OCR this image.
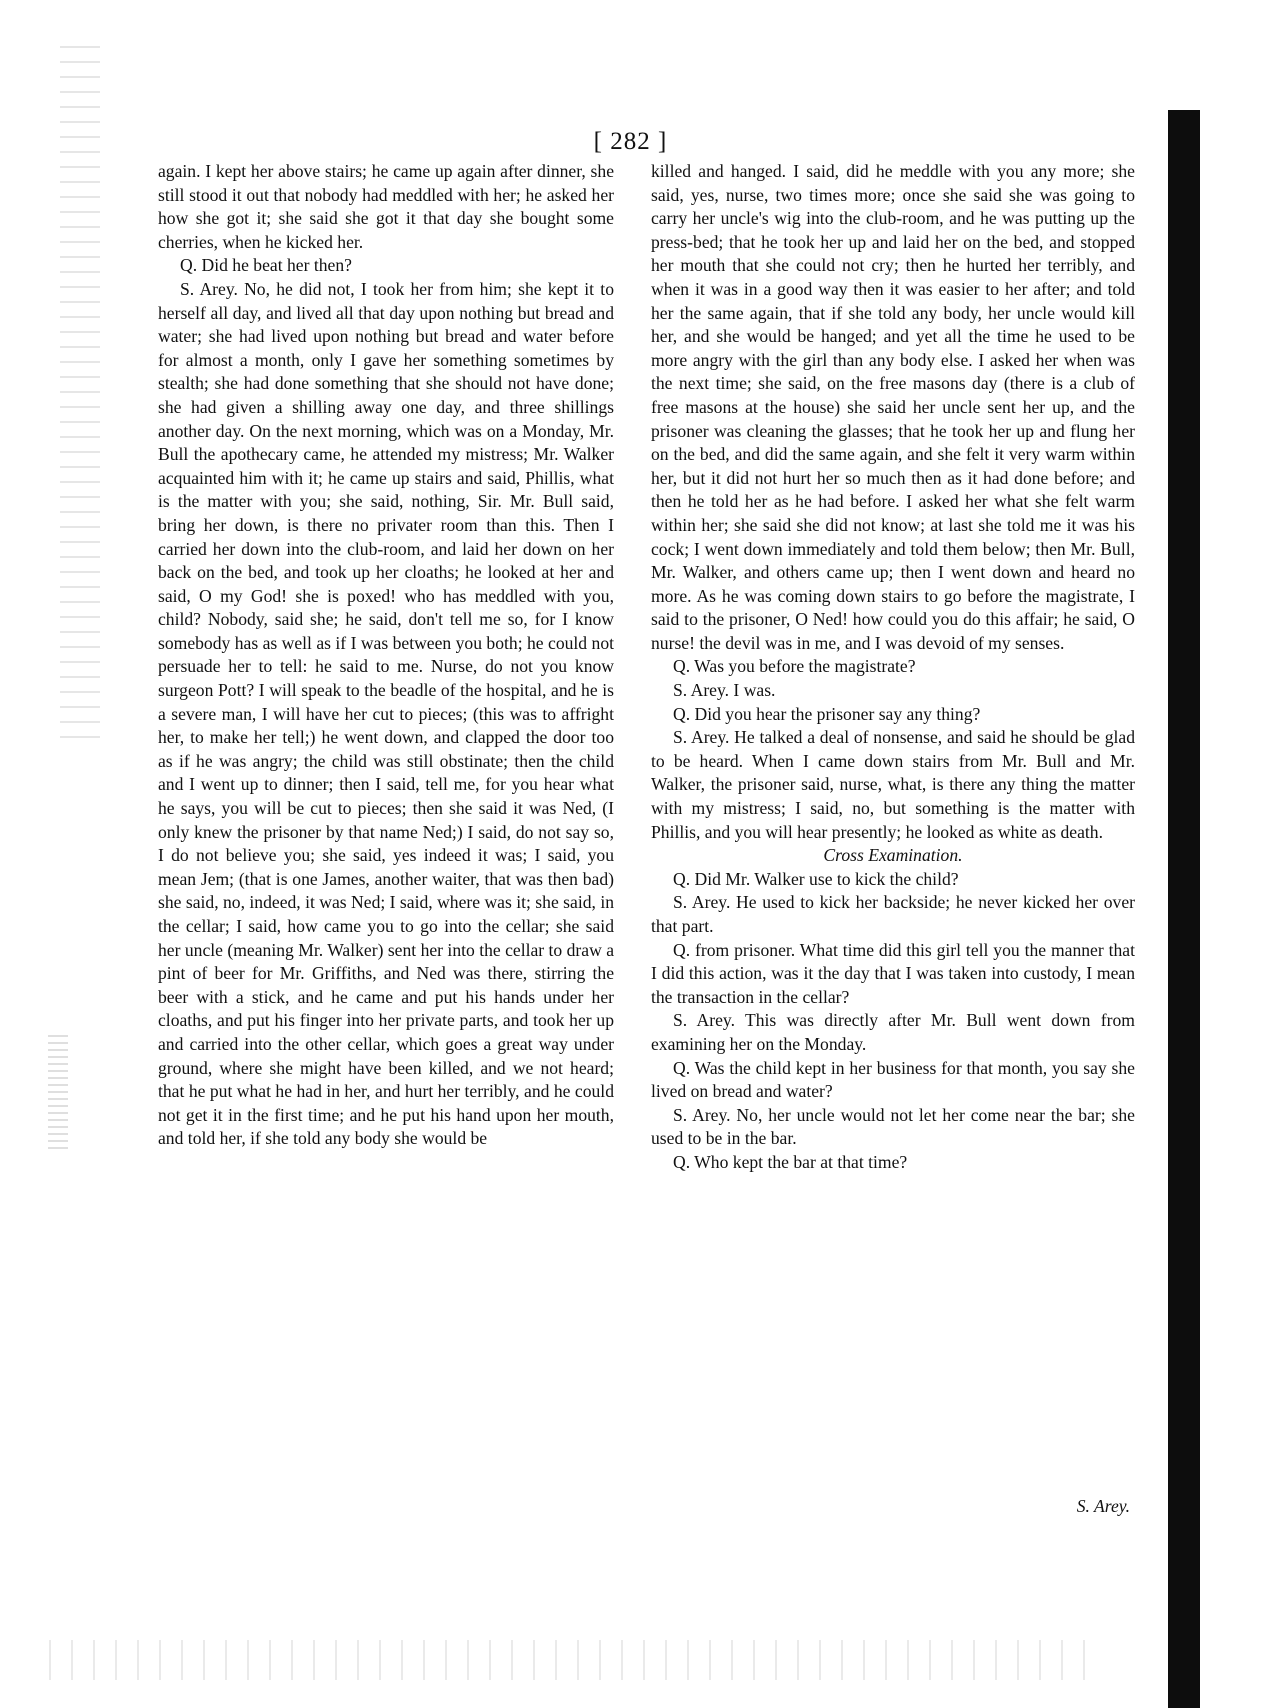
[ 282 ]

again. I kept her above stairs; he came up again after dinner, she still stood it out that nobody had meddled with her; he asked her how she got it; she said she got it that day she bought some cherries, when he kicked her.

Q. Did he beat her then?

S. Arey. No, he did not, I took her from him; she kept it to herself all day, and lived all that day upon nothing but bread and water; she had lived upon nothing but bread and water before for almost a month, only I gave her something sometimes by stealth; she had done something that she should not have done; she had given a shilling away one day, and three shillings another day. On the next morning, which was on a Monday, Mr. Bull the apothecary came, he attended my mistress; Mr. Walker acquainted him with it; he came up stairs and said, Phillis, what is the matter with you; she said, nothing, Sir. Mr. Bull said, bring her down, is there no privater room than this. Then I carried her down into the club-room, and laid her down on her back on the bed, and took up her cloaths; he looked at her and said, O my God! she is poxed! who has meddled with you, child? Nobody, said she; he said, don't tell me so, for I know somebody has as well as if I was between you both; he could not persuade her to tell: he said to me. Nurse, do not you know surgeon Pott? I will speak to the beadle of the hospital, and he is a severe man, I will have her cut to pieces; (this was to affright her, to make her tell;) he went down, and clapped the door too as if he was angry; the child was still obstinate; then the child and I went up to dinner; then I said, tell me, for you hear what he says, you will be cut to pieces; then she said it was Ned, (I only knew the prisoner by that name Ned;) I said, do not say so, I do not believe you; she said, yes indeed it was; I said, you mean Jem; (that is one James, another waiter, that was then bad) she said, no, indeed, it was Ned; I said, where was it; she said, in the cellar; I said, how came you to go into the cellar; she said her uncle (meaning Mr. Walker) sent her into the cellar to draw a pint of beer for Mr. Griffiths, and Ned was there, stirring the beer with a stick, and he came and put his hands under her cloaths, and put his finger into her private parts, and took her up and carried into the other cellar, which goes a great way under ground, where she might have been killed, and we not heard; that he put what he had in her, and hurt her terribly, and he could not get it in the first time; and he put his hand upon her mouth, and told her, if she told any body she would be

killed and hanged. I said, did he meddle with you any more; she said, yes, nurse, two times more; once she said she was going to carry her uncle's wig into the club-room, and he was putting up the press-bed; that he took her up and laid her on the bed, and stopped her mouth that she could not cry; then he hurted her terribly, and when it was in a good way then it was easier to her after; and told her the same again, that if she told any body, her uncle would kill her, and she would be hanged; and yet all the time he used to be more angry with the girl than any body else. I asked her when was the next time; she said, on the free masons day (there is a club of free masons at the house) she said her uncle sent her up, and the prisoner was cleaning the glasses; that he took her up and flung her on the bed, and did the same again, and she felt it very warm within her, but it did not hurt her so much then as it had done before; and then he told her as he had before. I asked her what she felt warm within her; she said she did not know; at last she told me it was his cock; I went down immediately and told them below; then Mr. Bull, Mr. Walker, and others came up; then I went down and heard no more. As he was coming down stairs to go before the magistrate, I said to the prisoner, O Ned! how could you do this affair; he said, O nurse! the devil was in me, and I was devoid of my senses.

Q. Was you before the magistrate?

S. Arey. I was.

Q. Did you hear the prisoner say any thing?

S. Arey. He talked a deal of nonsense, and said he should be glad to be heard. When I came down stairs from Mr. Bull and Mr. Walker, the prisoner said, nurse, what, is there any thing the matter with my mistress; I said, no, but something is the matter with Phillis, and you will hear presently; he looked as white as death.

Cross Examination.

Q. Did Mr. Walker use to kick the child?

S. Arey. He used to kick her backside; he never kicked her over that part.

Q. from prisoner. What time did this girl tell you the manner that I did this action, was it the day that I was taken into custody, I mean the transaction in the cellar?

S. Arey. This was directly after Mr. Bull went down from examining her on the Monday.

Q. Was the child kept in her business for that month, you say she lived on bread and water?

S. Arey. No, her uncle would not let her come near the bar; she used to be in the bar.

Q. Who kept the bar at that time?

S. Arey.
